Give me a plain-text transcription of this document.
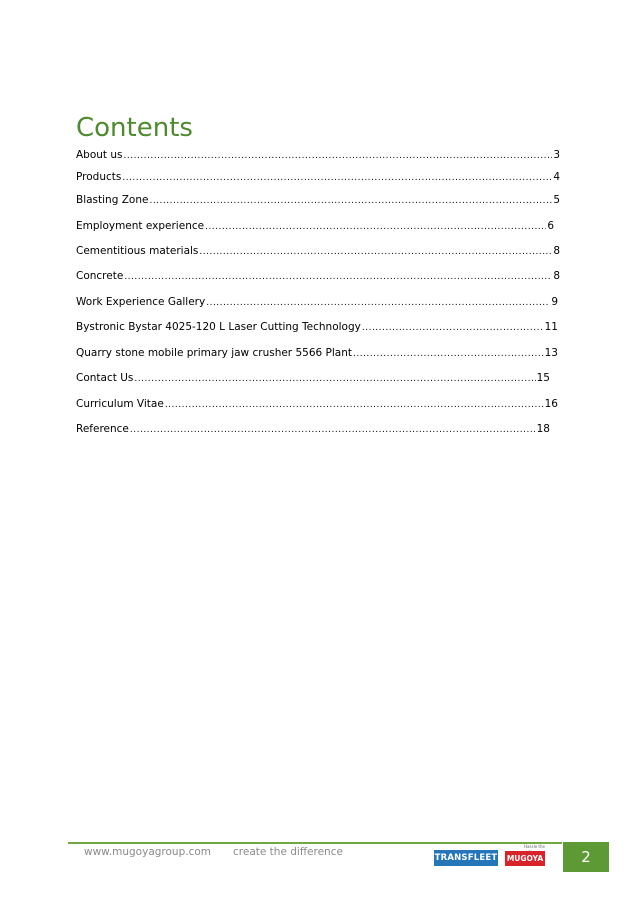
Contents
About us .....	3
Products .....	4
Blasting Zone .....	5
Employment experience .....	6
Cementitious materials .....	8
Concrete .....	8
Work Experience Gallery .....	9
Bystronic Bystar 4025-120 L Laser Cutting Technology .....	11
Quarry stone mobile primary jaw crusher 5566 Plant .....	13
Contact Us .....	15
Curriculum Vitae .....	16
Reference .....	18
www.mugoyagroup.com create the difference	TRANSFLEET
Hassle the
MUGOYA	2
